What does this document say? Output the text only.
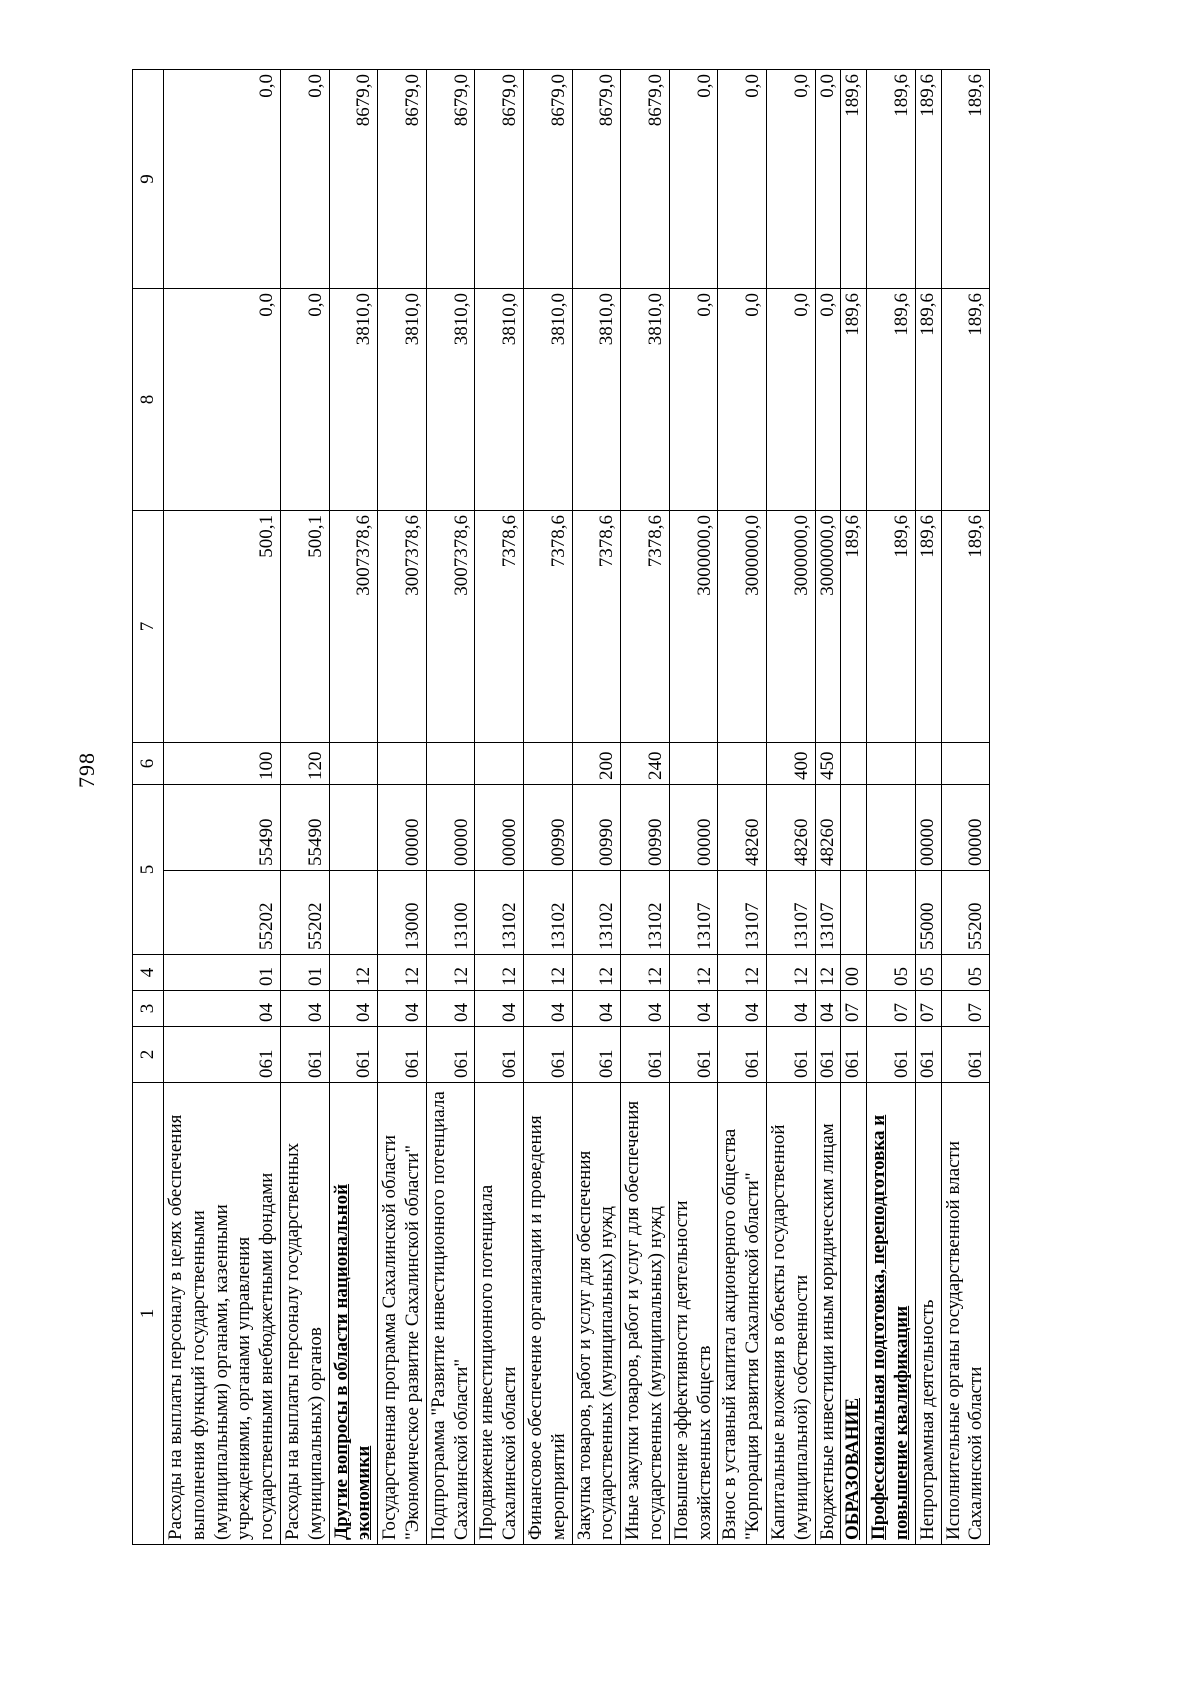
798
1	2	3	4	5		6	7	8	9
Расходы на выплаты персоналу в целях обеспечения выполнения функций государственными (муниципальными) органами, казенными учреждениями, органами управления государственными внебюджетными фондами	061	04	01	55202	55490	100	500,1	0,0	0,0
Расходы на выплаты персоналу государственных (муниципальных) органов	061	04	01	55202	55490	120	500,1	0,0	0,0
Другие вопросы в области национальной экономики	061	04	12				3007378,6	3810,0	8679,0
Государственная программа Сахалинской области "Экономическое развитие Сахалинской области"	061	04	12	13000	00000		3007378,6	3810,0	8679,0
Подпрограмма "Развитие инвестиционного потенциала Сахалинской области"	061	04	12	13100	00000		3007378,6	3810,0	8679,0
Продвижение инвестиционного потенциала Сахалинской области	061	04	12	13102	00000		7378,6	3810,0	8679,0
Финансовое обеспечение организации и проведения мероприятий	061	04	12	13102	00990		7378,6	3810,0	8679,0
Закупка товаров, работ и услуг для обеспечения государственных (муниципальных) нужд	061	04	12	13102	00990	200	7378,6	3810,0	8679,0
Иные закупки товаров, работ и услуг для обеспечения государственных (муниципальных) нужд	061	04	12	13102	00990	240	7378,6	3810,0	8679,0
Повышение эффективности деятельности хозяйственных обществ	061	04	12	13107	00000		3000000,0	0,0	0,0
Взнос в уставный капитал акционерного общества "Корпорация развития Сахалинской области"	061	04	12	13107	48260		3000000,0	0,0	0,0
Капитальные вложения в объекты государственной (муниципальной) собственности	061	04	12	13107	48260	400	3000000,0	0,0	0,0
Бюджетные инвестиции иным юридическим лицам	061	04	12	13107	48260	450	3000000,0	0,0	0,0
ОБРАЗОВАНИЕ	061	07	00				189,6	189,6	189,6
Профессиональная подготовка, переподготовка и повышение квалификации	061	07	05				189,6	189,6	189,6
Непрограммная деятельность	061	07	05	55000	00000		189,6	189,6	189,6
Исполнительные органы государственной власти Сахалинской области	061	07	05	55200	00000		189,6	189,6	189,6
